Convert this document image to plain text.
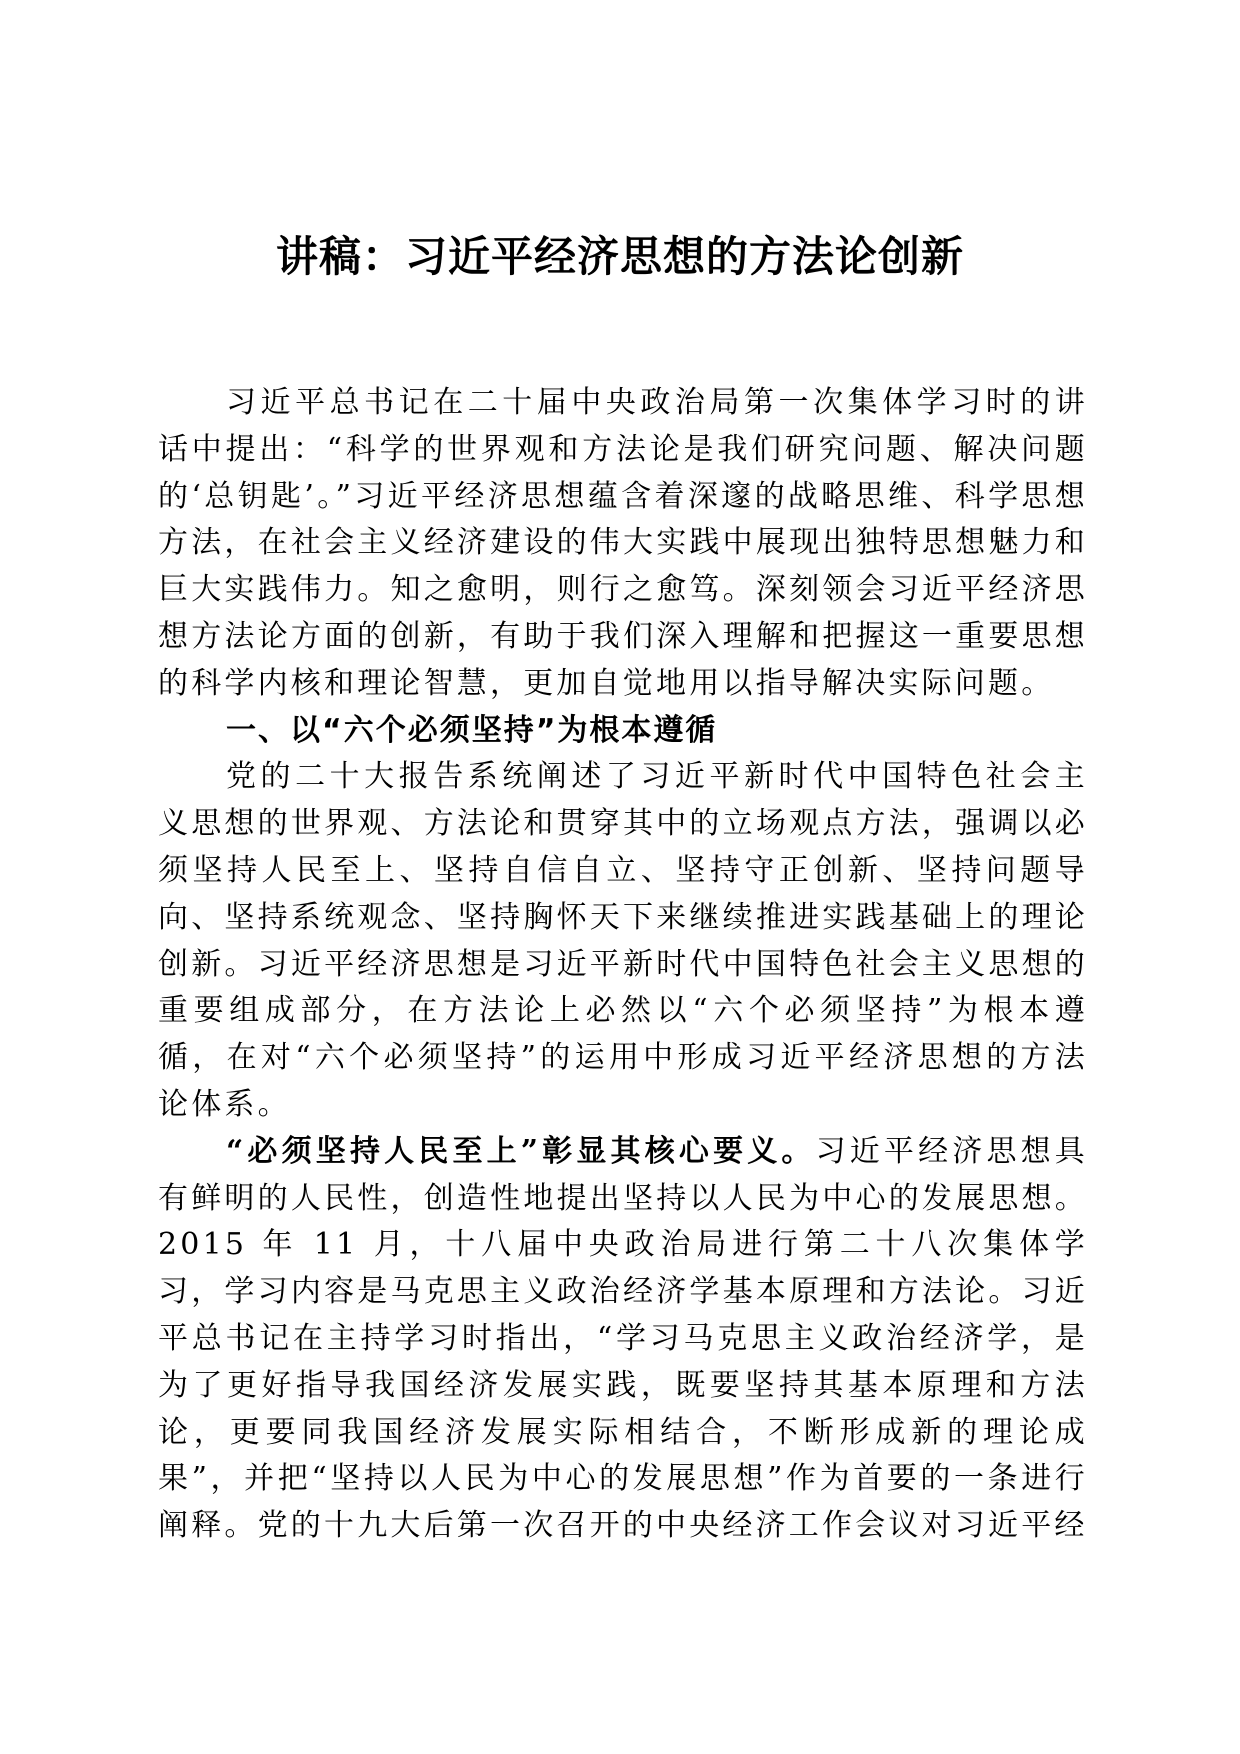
讲稿：习近平经济思想的方法论创新

习近平总书记在二十届中央政治局第一次集体学习时的讲话中提出：“科学的世界观和方法论是我们研究问题、解决问题的‘总钥匙’。”习近平经济思想蕴含着深邃的战略思维、科学思想方法，在社会主义经济建设的伟大实践中展现出独特思想魅力和巨大实践伟力。知之愈明，则行之愈笃。深刻领会习近平经济思想方法论方面的创新，有助于我们深入理解和把握这一重要思想的科学内核和理论智慧，更加自觉地用以指导解决实际问题。

一、以“六个必须坚持”为根本遵循

党的二十大报告系统阐述了习近平新时代中国特色社会主义思想的世界观、方法论和贯穿其中的立场观点方法，强调以必须坚持人民至上、坚持自信自立、坚持守正创新、坚持问题导向、坚持系统观念、坚持胸怀天下来继续推进实践基础上的理论创新。习近平经济思想是习近平新时代中国特色社会主义思想的重要组成部分，在方法论上必然以“六个必须坚持”为根本遵循，在对“六个必须坚持”的运用中形成习近平经济思想的方法论体系。

“必须坚持人民至上”彰显其核心要义。习近平经济思想具有鲜明的人民性，创造性地提出坚持以人民为中心的发展思想。2015 年 11 月，十八届中央政治局进行第二十八次集体学习，学习内容是马克思主义政治经济学基本原理和方法论。习近平总书记在主持学习时指出，“学习马克思主义政治经济学，是为了更好指导我国经济发展实践，既要坚持其基本原理和方法论，更要同我国经济发展实际相结合，不断形成新的理论成果”，并把“坚持以人民为中心的发展思想”作为首要的一条进行阐释。党的十九大后第一次召开的中央经济工作会议对习近平经
